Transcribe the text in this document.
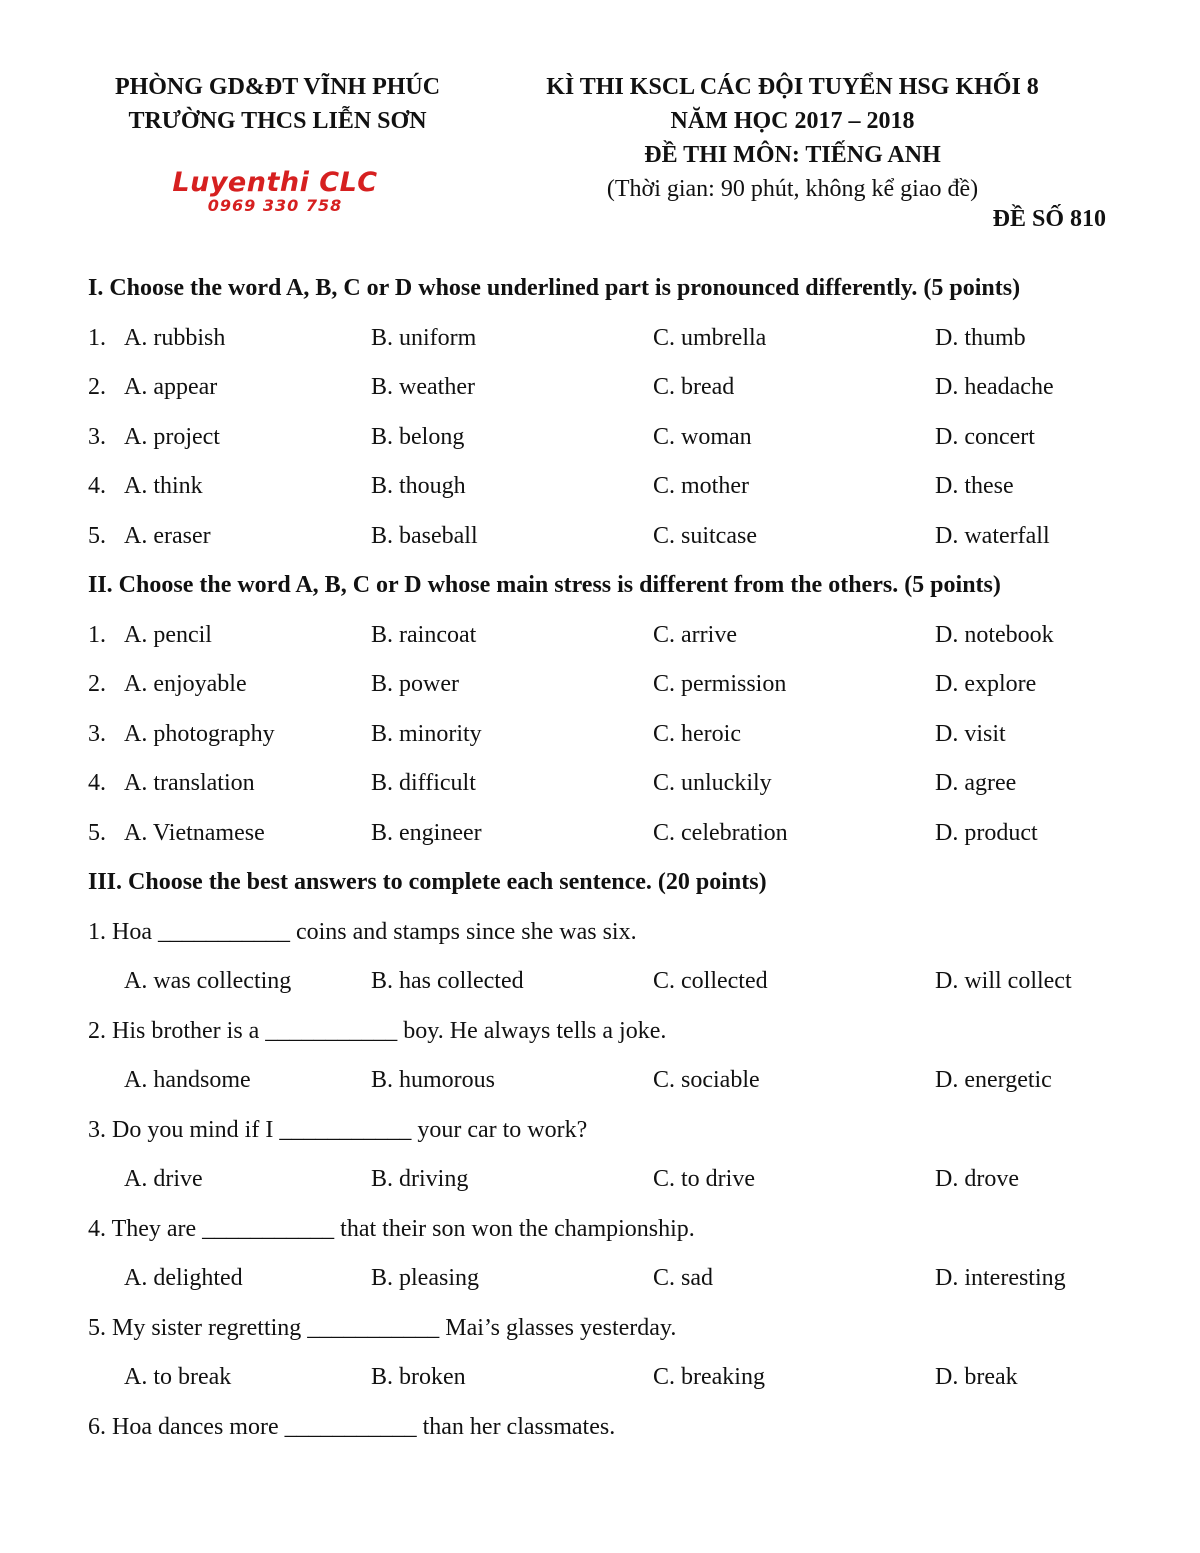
PHÒNG GD&ĐT VĨNH PHÚC
TRƯỜNG THCS LIỄN SƠN
Luyenthi CLC
0969 330 758
KÌ THI KSCL CÁC ĐỘI TUYỂN HSG KHỐI 8
NĂM HỌC 2017 – 2018
ĐỀ THI MÔN: TIẾNG ANH
(Thời gian: 90 phút, không kể giao đề)
ĐỀ SỐ 810
I. Choose the word A, B, C or D whose underlined part is pronounced differently. (5 points)
1. A. rubbish	B. uniform	C. umbrella	D. thumb
2. A. appear	B. weather	C. bread	D. headache
3. A. project	B. belong	C. woman	D. concert
4. A. think	B. though	C. mother	D. these
5. A. eraser	B. baseball	C. suitcase	D. waterfall
II. Choose the word A, B, C or D whose main stress is different from the others. (5 points)
1. A. pencil	B. raincoat	C. arrive	D. notebook
2. A. enjoyable	B. power	C. permission	D. explore
3. A. photography	B. minority	C. heroic	D. visit
4. A. translation	B. difficult	C. unluckily	D. agree
5. A. Vietnamese	B. engineer	C. celebration	D. product
III. Choose the best answers to complete each sentence. (20 points)
1. Hoa ___________ coins and stamps since she was six.
A. was collecting	B. has collected	C. collected	D. will collect
2. His brother is a ___________ boy. He always tells a joke.
A. handsome	B. humorous	C. sociable	D. energetic
3. Do you mind if I ___________ your car to work?
A. drive	B. driving	C. to drive	D. drove
4. They are ___________ that their son won the championship.
A. delighted	B. pleasing	C. sad	D. interesting
5. My sister regretting ___________ Mai’s glasses yesterday.
A. to break	B. broken	C. breaking	D. break
6. Hoa dances more ___________ than her classmates.
